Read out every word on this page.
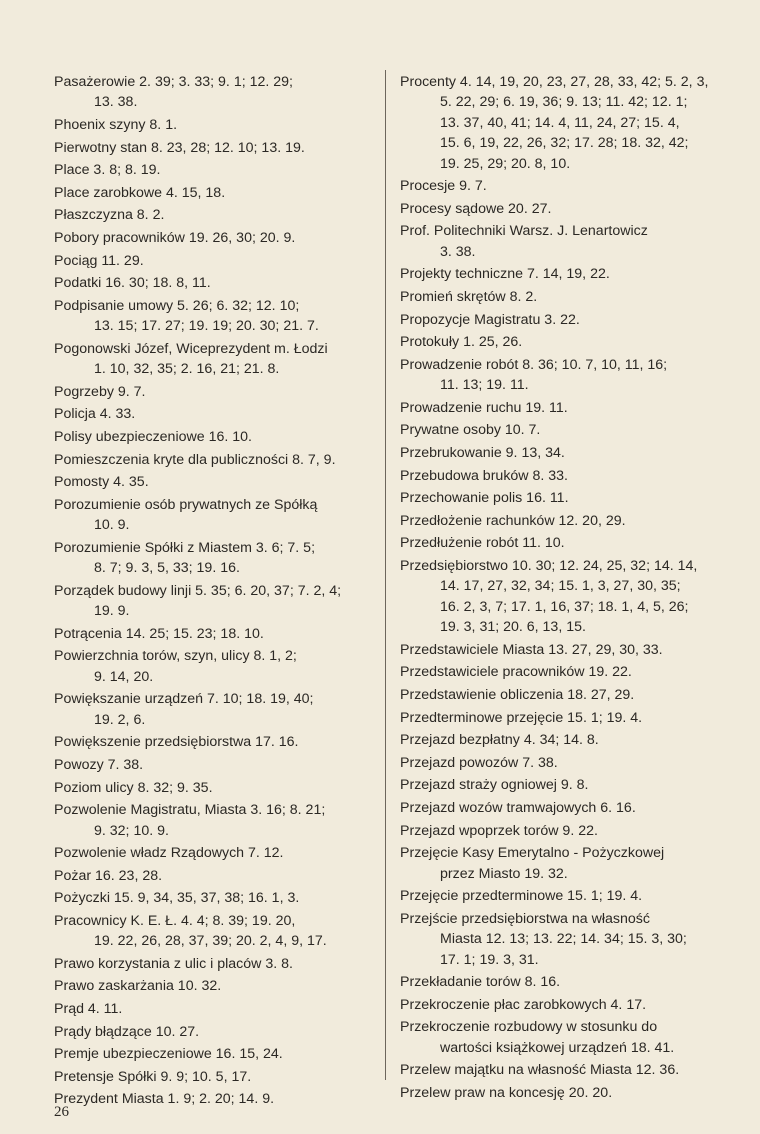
Pasażerowie 2. 39; 3. 33; 9. 1; 12. 29;
13. 38.
Phoenix szyny 8. 1.
Pierwotny stan 8. 23, 28; 12. 10; 13. 19.
Place 3. 8; 8. 19.
Place zarobkowe 4. 15, 18.
Płaszczyzna 8. 2.
Pobory pracowników 19. 26, 30; 20. 9.
Pociąg 11. 29.
Podatki 16. 30; 18. 8, 11.
Podpisanie umowy 5. 26; 6. 32; 12. 10;
13. 15; 17. 27; 19. 19; 20. 30; 21. 7.
Pogonowski Józef, Wiceprezydent m. Łodzi
1. 10, 32, 35; 2. 16, 21; 21. 8.
Pogrzeby 9. 7.
Policja 4. 33.
Polisy ubezpieczeniowe 16. 10.
Pomieszczenia kryte dla publiczności 8. 7, 9.
Pomosty 4. 35.
Porozumienie osób prywatnych ze Spółką
10. 9.
Porozumienie Spółki z Miastem 3. 6; 7. 5;
8. 7; 9. 3, 5, 33; 19. 16.
Porządek budowy linji 5. 35; 6. 20, 37; 7. 2, 4;
19. 9.
Potrącenia 14. 25; 15. 23; 18. 10.
Powierzchnia torów, szyn, ulicy 8. 1, 2;
9. 14, 20.
Powiększanie urządzeń 7. 10; 18. 19, 40;
19. 2, 6.
Powiększenie przedsiębiorstwa 17. 16.
Powozy 7. 38.
Poziom ulicy 8. 32; 9. 35.
Pozwolenie Magistratu, Miasta 3. 16; 8. 21;
9. 32; 10. 9.
Pozwolenie władz Rządowych 7. 12.
Pożar 16. 23, 28.
Pożyczki 15. 9, 34, 35, 37, 38; 16. 1, 3.
Pracownicy K. E. Ł. 4. 4; 8. 39; 19. 20,
19. 22, 26, 28, 37, 39; 20. 2, 4, 9, 17.
Prawo korzystania z ulic i placów 3. 8.
Prawo zaskarżania 10. 32.
Prąd 4. 11.
Prądy błądzące 10. 27.
Premje ubezpieczeniowe 16. 15, 24.
Pretensje Spółki 9. 9; 10. 5, 17.
Prezydent Miasta 1. 9; 2. 20; 14. 9.
Procenty 4. 14, 19, 20, 23, 27, 28, 33, 42; 5. 2, 3,
5. 22, 29; 6. 19, 36; 9. 13; 11. 42; 12. 1;
13. 37, 40, 41; 14. 4, 11, 24, 27; 15. 4,
15. 6, 19, 22, 26, 32; 17. 28; 18. 32, 42;
19. 25, 29; 20. 8, 10.
Procesje 9. 7.
Procesy sądowe 20. 27.
Prof. Politechniki Warsz. J. Lenartowicz
3. 38.
Projekty techniczne 7. 14, 19, 22.
Promień skrętów 8. 2.
Propozycje Magistratu 3. 22.
Protokuły 1. 25, 26.
Prowadzenie robót 8. 36; 10. 7, 10, 11, 16;
11. 13; 19. 11.
Prowadzenie ruchu 19. 11.
Prywatne osoby 10. 7.
Przebrukowanie 9. 13, 34.
Przebudowa bruków 8. 33.
Przechowanie polis 16. 11.
Przedłożenie rachunków 12. 20, 29.
Przedłużenie robót 11. 10.
Przedsiębiorstwo 10. 30; 12. 24, 25, 32; 14. 14,
14. 17, 27, 32, 34; 15. 1, 3, 27, 30, 35;
16. 2, 3, 7; 17. 1, 16, 37; 18. 1, 4, 5, 26;
19. 3, 31; 20. 6, 13, 15.
Przedstawiciele Miasta 13. 27, 29, 30, 33.
Przedstawiciele pracowników 19. 22.
Przedstawienie obliczenia 18. 27, 29.
Przedterminowe przejęcie 15. 1; 19. 4.
Przejazd bezpłatny 4. 34; 14. 8.
Przejazd powozów 7. 38.
Przejazd straży ogniowej 9. 8.
Przejazd wozów tramwajowych 6. 16.
Przejazd wpoprzek torów 9. 22.
Przejęcie Kasy Emerytalno - Pożyczkowej
przez Miasto 19. 32.
Przejęcie przedterminowe 15. 1; 19. 4.
Przejście przedsiębiorstwa na własność
Miasta 12. 13; 13. 22; 14. 34; 15. 3, 30;
17. 1; 19. 3, 31.
Przekładanie torów 8. 16.
Przekroczenie płac zarobkowych 4. 17.
Przekroczenie rozbudowy w stosunku do
wartości książkowej urządzeń 18. 41.
Przelew majątku na własność Miasta 12. 36.
Przelew praw na koncesję 20. 20.
26
